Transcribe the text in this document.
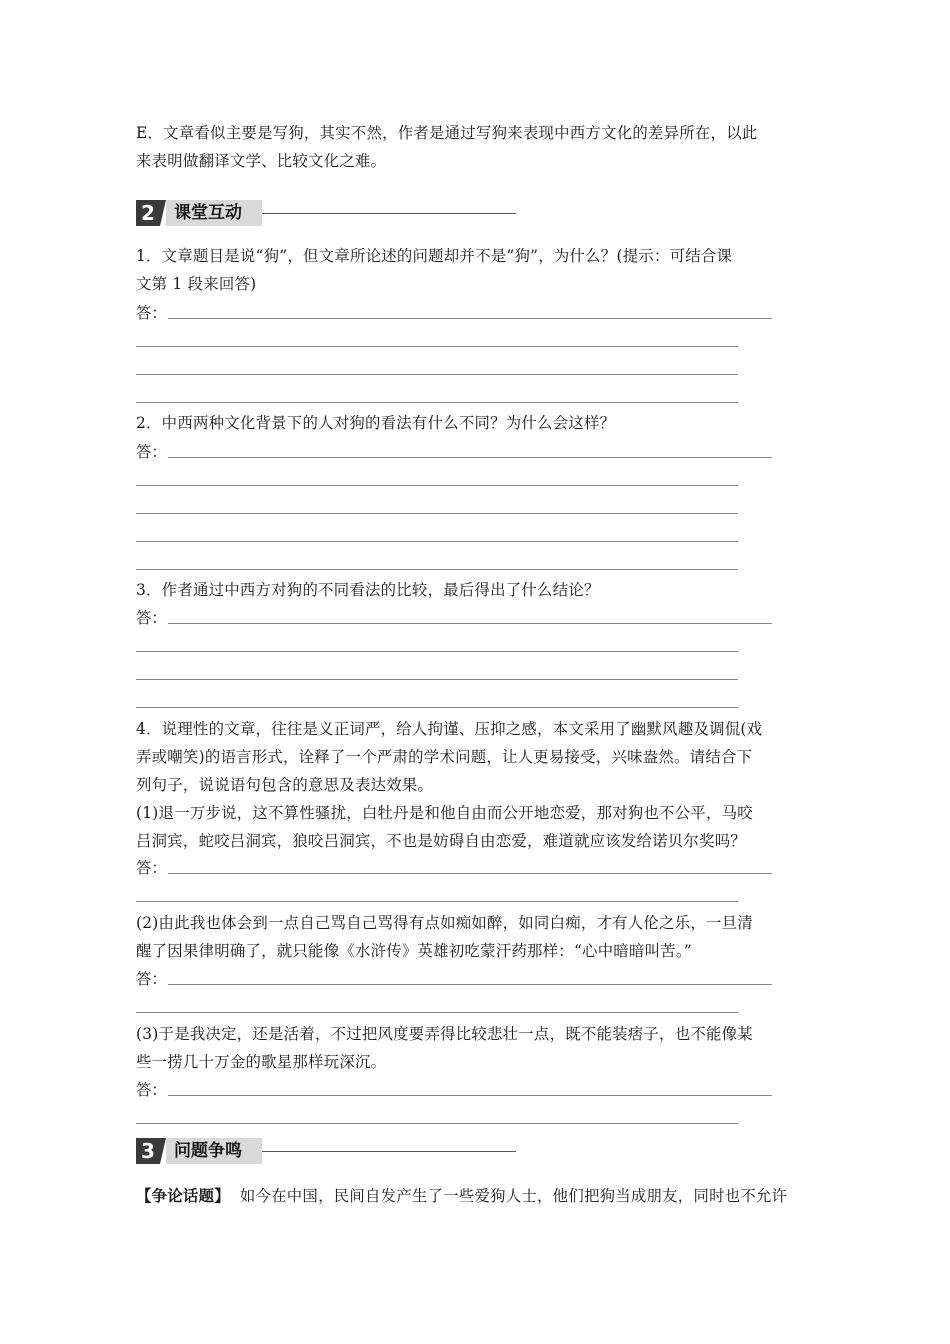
E．文章看似主要是写狗，其实不然，作者是通过写狗来表现中西方文化的差异所在，以此
来表明做翻译文学、比较文化之难。
2	课堂互动
1．文章题目是说“狗”，但文章所论述的问题却并不是“狗”，为什么？(提示：可结合课
文第 1 段来回答)
答：
2．中西两种文化背景下的人对狗的看法有什么不同？为什么会这样？
答：
3．作者通过中西方对狗的不同看法的比较，最后得出了什么结论？
答：
4．说理性的文章，往往是义正词严，给人拘谨、压抑之感，本文采用了幽默风趣及调侃(戏
弄或嘲笑)的语言形式，诠释了一个严肃的学术问题，让人更易接受，兴味盎然。请结合下
列句子，说说语句包含的意思及表达效果。
(1)退一万步说，这不算性骚扰，白牡丹是和他自由而公开地恋爱，那对狗也不公平，马咬
吕洞宾，蛇咬吕洞宾，狼咬吕洞宾，不也是妨碍自由恋爱，难道就应该发给诺贝尔奖吗？
答：
(2)由此我也体会到一点自己骂自己骂得有点如痴如醉，如同白痴，才有人伦之乐，一旦清
醒了因果律明确了，就只能像《水浒传》英雄初吃蒙汗药那样：“心中暗暗叫苦。”
答：
(3)于是我决定，还是活着，不过把风度要弄得比较悲壮一点，既不能装痞子，也不能像某
些一捞几十万金的歌星那样玩深沉。
答：
3	问题争鸣
【争论话题】 如今在中国，民间自发产生了一些爱狗人士，他们把狗当成朋友，同时也不允许
